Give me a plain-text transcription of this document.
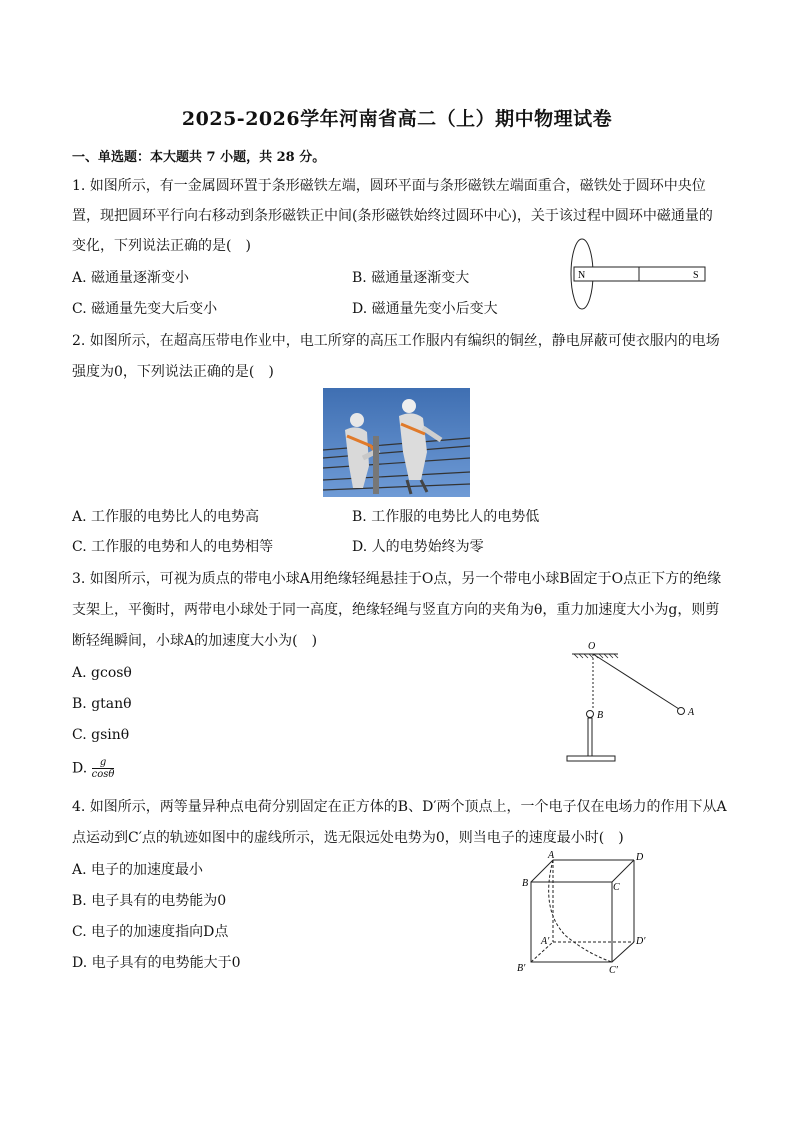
2025-2026学年河南省高二（上）期中物理试卷
一、单选题：本大题共 7 小题，共 28 分。
1. 如图所示，有一金属圆环置于条形磁铁左端，圆环平面与条形磁铁左端面重合，磁铁处于圆环中央位
置，现把圆环平行向右移动到条形磁铁正中间(条形磁铁始终过圆环中心)，关于该过程中圆环中磁通量的
变化，下列说法正确的是(　)
A. 磁通量逐渐变小	B. 磁通量逐渐变大
C. 磁通量先变大后变小	D. 磁通量先变小后变大
N	S
2. 如图所示，在超高压带电作业中，电工所穿的高压工作服内有编织的铜丝，静电屏蔽可使衣服内的电场
强度为0，下列说法正确的是(　)
A. 工作服的电势比人的电势高	B. 工作服的电势比人的电势低
C. 工作服的电势和人的电势相等	D. 人的电势始终为零
3. 如图所示，可视为质点的带电小球A用绝缘轻绳悬挂于O点，另一个带电小球B固定于O点正下方的绝缘
支架上，平衡时，两带电小球处于同一高度，绝缘轻绳与竖直方向的夹角为θ，重力加速度大小为g，则剪
断轻绳瞬间，小球A的加速度大小为(　)
A. gcosθ
B. gtanθ
C. gsinθ
D. $\frac{g}{\cos\theta}$
O
A
B
4. 如图所示，两等量异种点电荷分别固定在正方体的B、D′两个顶点上，一个电子仅在电场力的作用下从A
点运动到C′点的轨迹如图中的虚线所示，选无限远处电势为0，则当电子的速度最小时(　)
A. 电子的加速度最小
B. 电子具有的电势能为0
C. 电子的加速度指向D点
D. 电子具有的电势能大于0
A	D
B	C
A′	D′
B′	C′
